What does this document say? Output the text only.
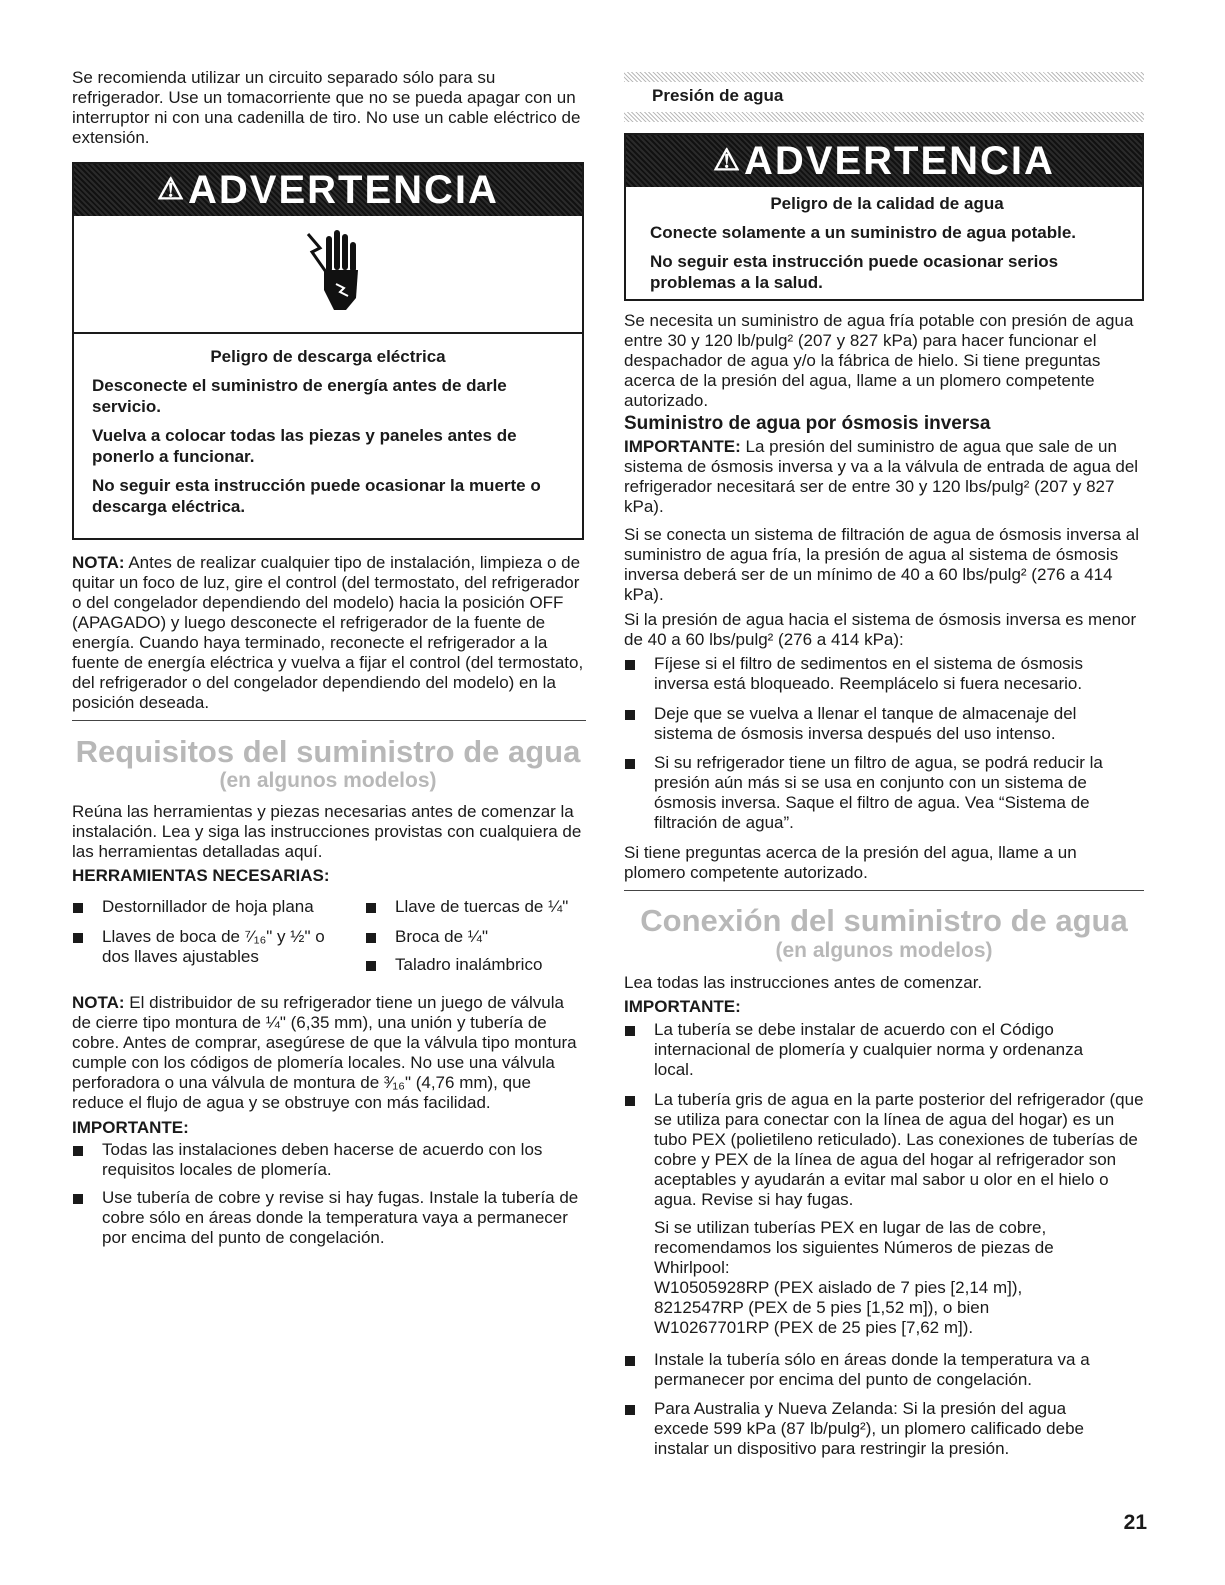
Se recomienda utilizar un circuito separado sólo para su refrigerador. Use un tomacorriente que no se pueda apagar con un interruptor ni con una cadenilla de tiro. No use un cable eléctrico de extensión.

⚠ADVERTENCIA

Peligro de descarga eléctrica

Desconecte el suministro de energía antes de darle servicio.

Vuelva a colocar todas las piezas y paneles antes de ponerlo a funcionar.

No seguir esta instrucción puede ocasionar la muerte o descarga eléctrica.

NOTA: Antes de realizar cualquier tipo de instalación, limpieza o de quitar un foco de luz, gire el control (del termostato, del refrigerador o del congelador dependiendo del modelo) hacia la posición OFF (APAGADO) y luego desconecte el refrigerador de la fuente de energía. Cuando haya terminado, reconecte el refrigerador a la fuente de energía eléctrica y vuelva a fijar el control (del termostato, del refrigerador o del congelador dependiendo del modelo) en la posición deseada.

Requisitos del suministro de agua
(en algunos modelos)

Reúna las herramientas y piezas necesarias antes de comenzar la instalación. Lea y siga las instrucciones provistas con cualquiera de las herramientas detalladas aquí.

HERRAMIENTAS NECESARIAS:

Destornillador de hoja plana

Llaves de boca de ⁷⁄₁₆" y ½" o dos llaves ajustables

Llave de tuercas de ¼"

Broca de ¼"

Taladro inalámbrico

NOTA: El distribuidor de su refrigerador tiene un juego de válvula de cierre tipo montura de ¼" (6,35 mm), una unión y tubería de cobre. Antes de comprar, asegúrese de que la válvula tipo montura cumple con los códigos de plomería locales. No use una válvula perforadora o una válvula de montura de ³⁄₁₆" (4,76 mm), que reduce el flujo de agua y se obstruye con más facilidad.

IMPORTANTE:

Todas las instalaciones deben hacerse de acuerdo con los requisitos locales de plomería.

Use tubería de cobre y revise si hay fugas. Instale la tubería de cobre sólo en áreas donde la temperatura vaya a permanecer por encima del punto de congelación.

Presión de agua

⚠ADVERTENCIA

Peligro de la calidad de agua

Conecte solamente a un suministro de agua potable.

No seguir esta instrucción puede ocasionar serios problemas a la salud.

Se necesita un suministro de agua fría potable con presión de agua entre 30 y 120 lb/pulg² (207 y 827 kPa) para hacer funcionar el despachador de agua y/o la fábrica de hielo. Si tiene preguntas acerca de la presión del agua, llame a un plomero competente autorizado.

Suministro de agua por ósmosis inversa

IMPORTANTE: La presión del suministro de agua que sale de un sistema de ósmosis inversa y va a la válvula de entrada de agua del refrigerador necesitará ser de entre 30 y 120 lbs/pulg² (207 y 827 kPa).

Si se conecta un sistema de filtración de agua de ósmosis inversa al suministro de agua fría, la presión de agua al sistema de ósmosis inversa deberá ser de un mínimo de 40 a 60 lbs/pulg² (276 a 414 kPa).

Si la presión de agua hacia el sistema de ósmosis inversa es menor de 40 a 60 lbs/pulg² (276 a 414 kPa):

Fíjese si el filtro de sedimentos en el sistema de ósmosis inversa está bloqueado. Reemplácelo si fuera necesario.

Deje que se vuelva a llenar el tanque de almacenaje del sistema de ósmosis inversa después del uso intenso.

Si su refrigerador tiene un filtro de agua, se podrá reducir la presión aún más si se usa en conjunto con un sistema de ósmosis inversa. Saque el filtro de agua. Vea “Sistema de filtración de agua”.

Si tiene preguntas acerca de la presión del agua, llame a un plomero competente autorizado.

Conexión del suministro de agua
(en algunos modelos)

Lea todas las instrucciones antes de comenzar.

IMPORTANTE:

La tubería se debe instalar de acuerdo con el Código internacional de plomería y cualquier norma y ordenanza local.

La tubería gris de agua en la parte posterior del refrigerador (que se utiliza para conectar con la línea de agua del hogar) es un tubo PEX (polietileno reticulado). Las conexiones de tuberías de cobre y PEX de la línea de agua del hogar al refrigerador son aceptables y ayudarán a evitar mal sabor u olor en el hielo o agua. Revise si hay fugas.

Si se utilizan tuberías PEX en lugar de las de cobre, recomendamos los siguientes Números de piezas de Whirlpool:

W10505928RP (PEX aislado de 7 pies [2,14 m]),

8212547RP (PEX de 5 pies [1,52 m]), o bien

W10267701RP (PEX de 25 pies [7,62 m]).

Instale la tubería sólo en áreas donde la temperatura va a permanecer por encima del punto de congelación.

Para Australia y Nueva Zelanda: Si la presión del agua excede 599 kPa (87 lb/pulg²), un plomero calificado debe instalar un dispositivo para restringir la presión.

21
